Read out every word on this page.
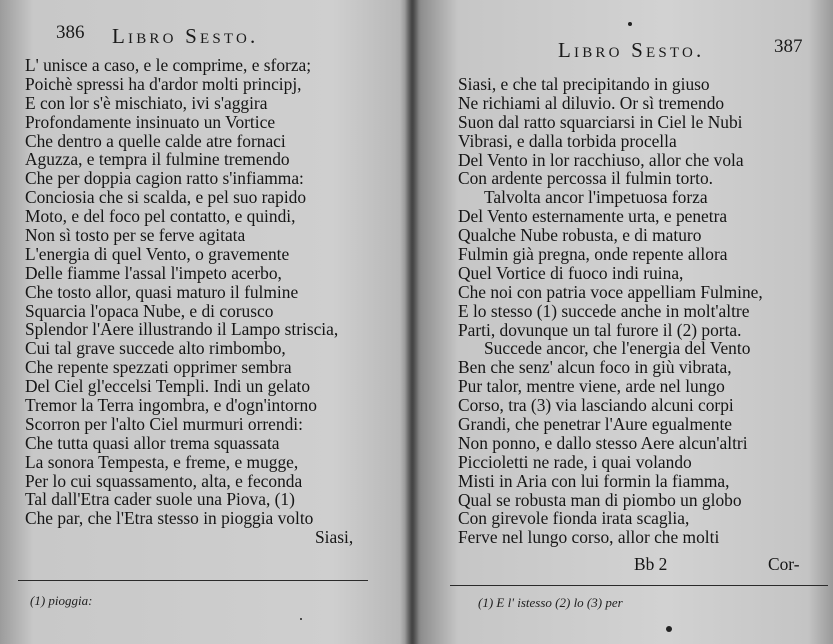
386 Libro Sesto.
L' unisce a caso, e le comprime, e sforza;
Poichè spressi ha d'ardor molti principj,
E con lor s'è mischiato, ivi s'aggira
Profondamente insinuato un Vortice
Che dentro a quelle calde atre fornaci
Aguzza, e tempra il fulmine tremendo
Che per doppia cagion ratto s'infiamma:
Conciosia che si scalda, e pel suo rapido
Moto, e del foco pel contatto, e quindi,
Non sì tosto per se ferve agitata
L'energia di quel Vento, o gravemente
Delle fiamme l'assal l'impeto acerbo,
Che tosto allor, quasi maturo il fulmine
Squarcia l'opaca Nube, e di corusco
Splendor l'Aere illustrando il Lampo striscia,
Cui tal grave succede alto rimbombo,
Che repente spezzati opprimer sembra
Del Ciel gl'eccelsi Templi. Indi un gelato
Tremor la Terra ingombra, e d'ogn'intorno
Scorron per l'alto Ciel murmuri orrendi:
Che tutta quasi allor trema squassata
La sonora Tempesta, e freme, e mugge,
Per lo cui squassamento, alta, e feconda
Tal dall'Etra cader suole una Piova, (1)
Che par, che l'Etra stesso in pioggia volto
Siasi,
(1) pioggia:
Libro Sesto.	387
Siasi, e che tal precipitando in giuso
Ne richiami al diluvio. Or sì tremendo
Suon dal ratto squarciarsi in Ciel le Nubi
Vibrasi, e dalla torbida procella
Del Vento in lor racchiuso, allor che vola
Con ardente percossa il fulmin torto.
Talvolta ancor l'impetuosa forza
Del Vento esternamente urta, e penetra
Qualche Nube robusta, e di maturo
Fulmin già pregna, onde repente allora
Quel Vortice di fuoco indi ruina,
Che noi con patria voce appelliam Fulmine,
E lo stesso (1) succede anche in molt'altre
Parti, dovunque un tal furore il (2) porta.
Succede ancor, che l'energia del Vento
Ben che senz' alcun foco in giù vibrata,
Pur talor, mentre viene, arde nel lungo
Corso, tra (3) via lasciando alcuni corpi
Grandi, che penetrar l'Aure egualmente
Non ponno, e dallo stesso Aere alcun'altri
Piccioletti ne rade, i quai volando
Misti in Aria con lui formin la fiamma,
Qual se robusta man di piombo un globo
Con girevole fionda irata scaglia,
Ferve nel lungo corso, allor che molti
Bb 2	Cor-
(1) E l' istesso (2) lo (3) per
